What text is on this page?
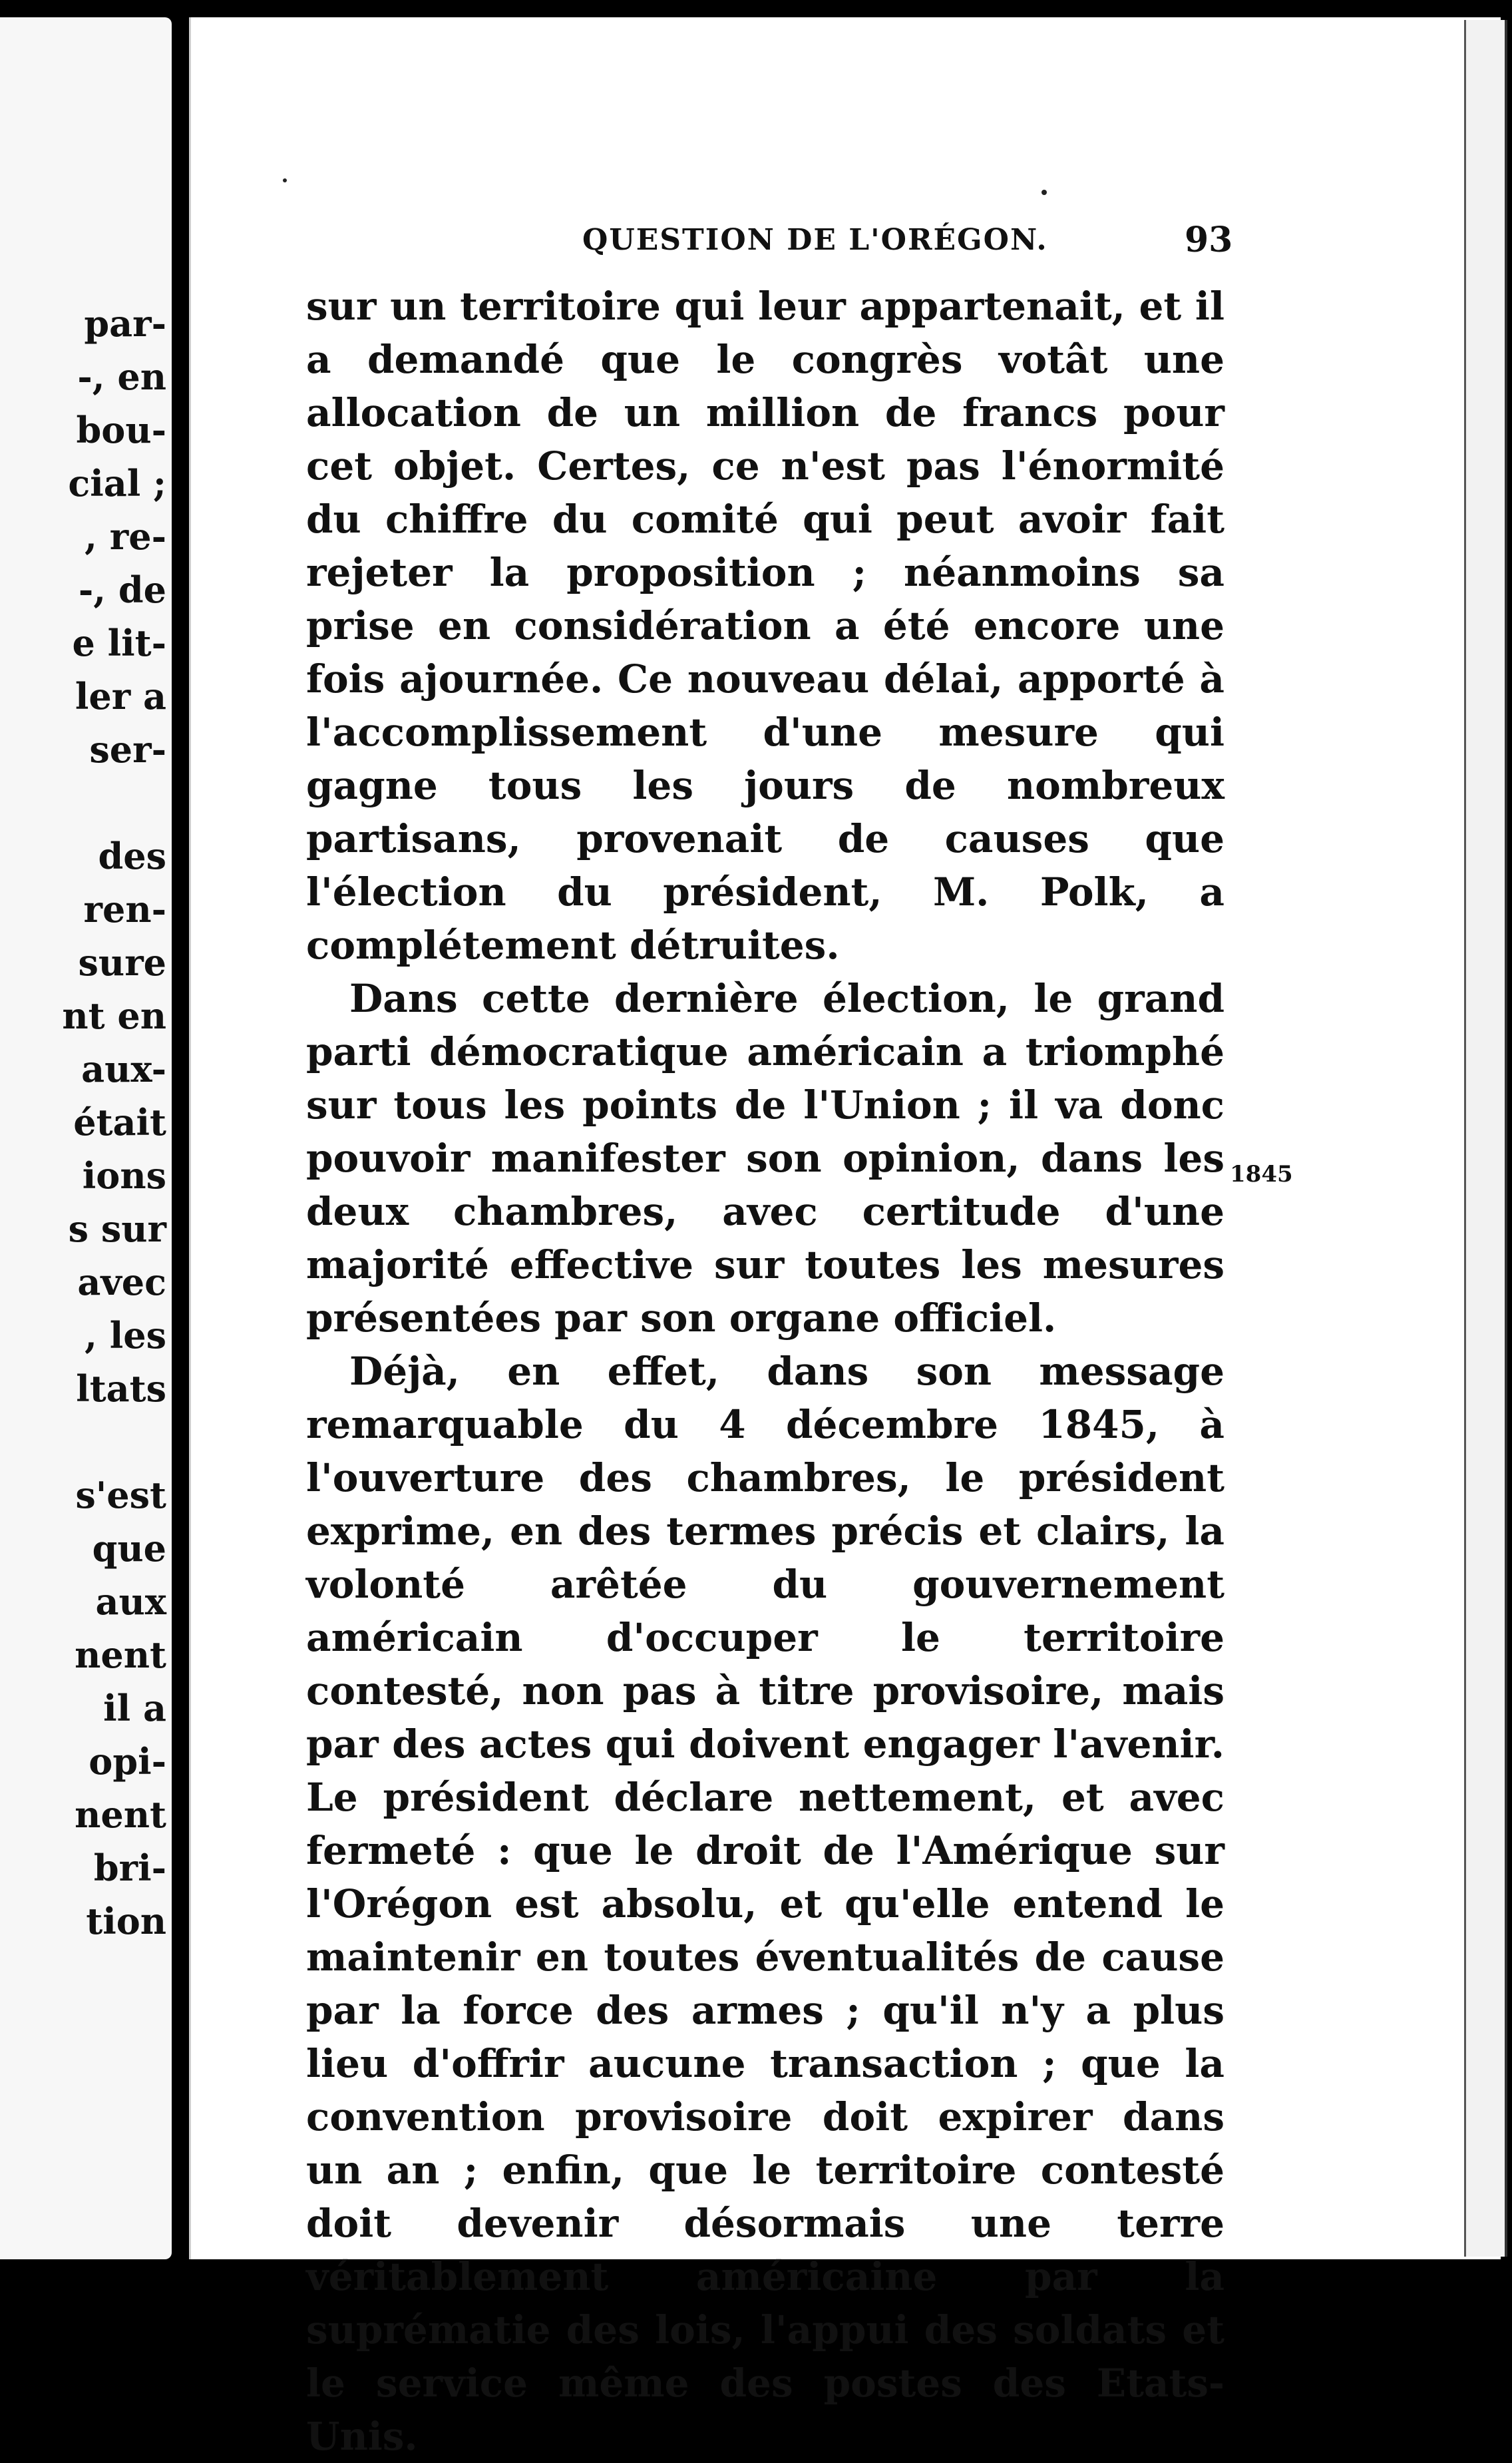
par-
-, en
bou-
cial ;
, re-
-, de
e lit-
ler a
ser-
des
ren-
sure
nt en
aux-
était
ions
s sur
avec
, les
ltats
s'est
que
aux
nent
il a
opi-
nent
bri-
tion
QUESTION DE L'ORÉGON.	93

sur un territoire qui leur appartenait, et il a demandé que le congrès votât une allocation de un million de francs pour cet objet. Certes, ce n'est pas l'énormité du chiffre du comité qui peut avoir fait rejeter la proposition ; néanmoins sa prise en considération a été encore une fois ajournée. Ce nouveau délai, apporté à l'accomplissement d'une mesure qui gagne tous les jours de nombreux partisans, provenait de causes que l'élection du président, M. Polk, a complétement détruites.

Dans cette dernière élection, le grand parti démocratique américain a triomphé sur tous les points de l'Union ; il va donc pouvoir manifester son opinion, dans les deux chambres, avec certitude d'une majorité effective sur toutes les mesures présentées par son organe officiel.

Déjà, en effet, dans son message remarquable du 4 décembre 1845, à l'ouverture des chambres, le président exprime, en des termes précis et clairs, la volonté arêtée du gouvernement américain d'occuper le territoire contesté, non pas à titre provisoire, mais par des actes qui doivent engager l'avenir. Le président déclare nettement, et avec fermeté : que le droit de l'Amérique sur l'Orégon est absolu, et qu'elle entend le maintenir en toutes éventualités de cause par la force des armes ; qu'il n'y a plus lieu d'offrir aucune transaction ; que la convention provisoire doit expirer dans un an ; enfin, que le territoire contesté doit devenir désormais une terre véritablement américaine par la suprématie des lois, l'appui des soldats et le service même des postes des Etats-Unis.

1845
